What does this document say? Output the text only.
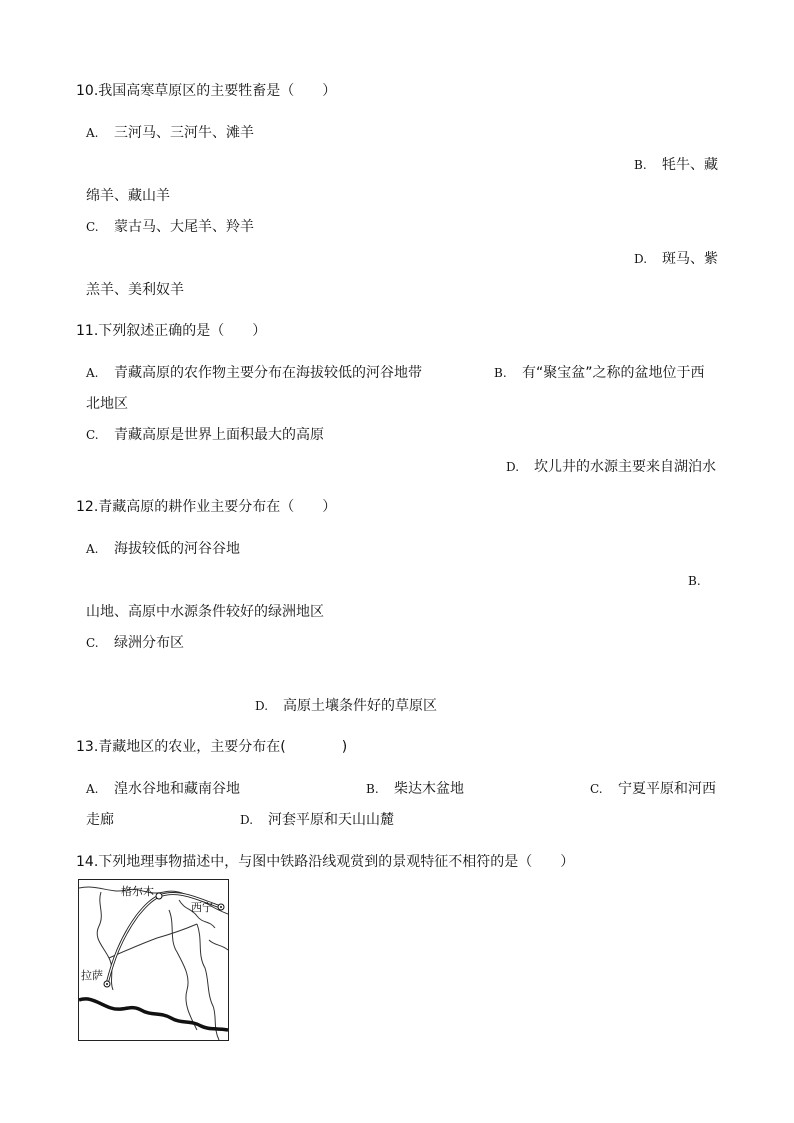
10.我国高寒草原区的主要牲畜是（　　）
A. 三河马、三河牛、滩羊
B. 牦牛、藏
绵羊、藏山羊
C. 蒙古马、大尾羊、羚羊
D. 斑马、紫
羔羊、美利奴羊
11.下列叙述正确的是（　　）
A. 青藏高原的农作物主要分布在海拔较低的河谷地带	B. 有“聚宝盆”之称的盆地位于西
北地区
C. 青藏高原是世界上面积最大的高原
D. 坎儿井的水源主要来自湖泊水
12.青藏高原的耕作业主要分布在（　　）
A. 海拔较低的河谷谷地
B.
山地、高原中水源条件较好的绿洲地区
C. 绿洲分布区
D. 高原土壤条件好的草原区
13.青藏地区的农业，主要分布在(　　　　)
A. 湟水谷地和藏南谷地	B. 柴达木盆地	C. 宁夏平原和河西
走廊	D. 河套平原和天山山麓
14.下列地理事物描述中，与图中铁路沿线观赏到的景观特征不相符的是（　　）
格尔木
西宁
拉萨
